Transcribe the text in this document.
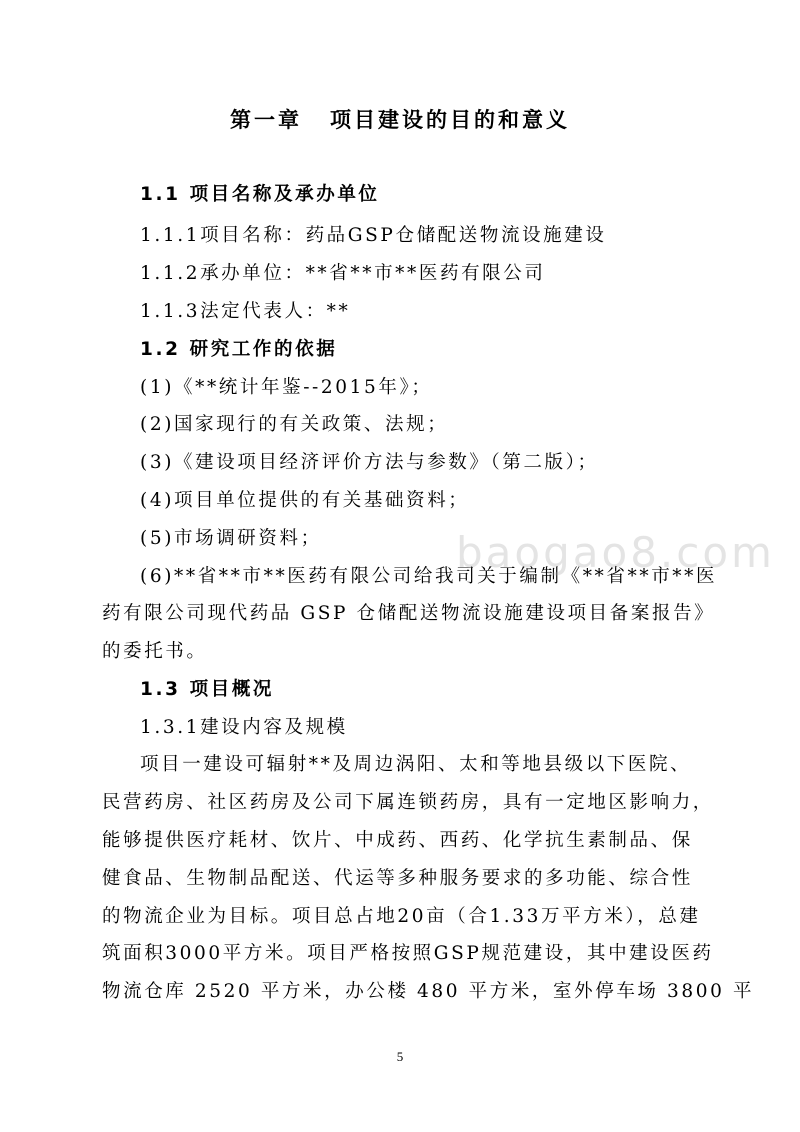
第一章 项目建设的目的和意义
1.1 项目名称及承办单位
1.1.1项目名称：药品GSP仓储配送物流设施建设
1.1.2承办单位：**省**市**医药有限公司
1.1.3法定代表人：**
1.2 研究工作的依据
(1)《**统计年鉴--2015年》；
(2)国家现行的有关政策、法规；
(3)《建设项目经济评价方法与参数》（第二版）；
(4)项目单位提供的有关基础资料；
(5)市场调研资料；
(6)**省**市**医药有限公司给我司关于编制《**省**市**医
药有限公司现代药品 GSP 仓储配送物流设施建设项目备案报告》
的委托书。
1.3 项目概况
1.3.1建设内容及规模
项目一建设可辐射**及周边涡阳、太和等地县级以下医院、
民营药房、社区药房及公司下属连锁药房，具有一定地区影响力，
能够提供医疗耗材、饮片、中成药、西药、化学抗生素制品、保
健食品、生物制品配送、代运等多种服务要求的多功能、综合性
的物流企业为目标。项目总占地20亩（合1.33万平方米），总建
筑面积3000平方米。项目严格按照GSP规范建设，其中建设医药
物流仓库 2520 平方米，办公楼 480 平方米，室外停车场 3800 平
baogao8.com
5
